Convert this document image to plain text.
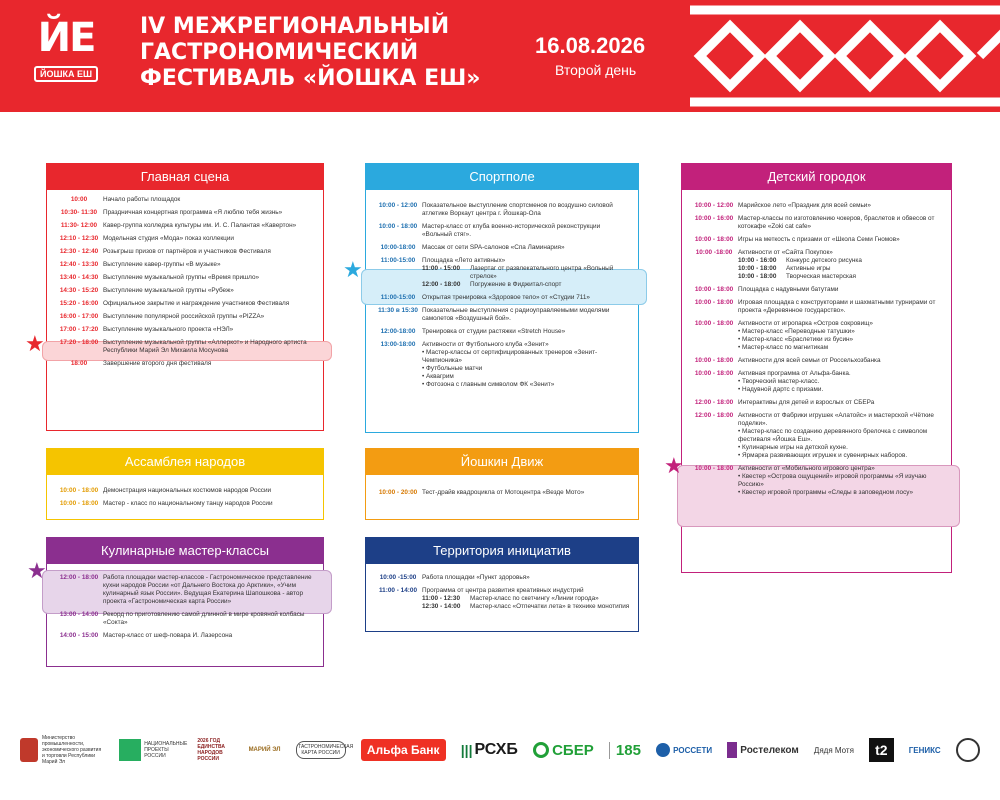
ЙЕ
ЙОШКА ЕШ
IV МЕЖРЕГИОНАЛЬНЫЙ
ГАСТРОНОМИЧЕСКИЙ
ФЕСТИВАЛЬ «ЙОШКА ЕШ»
16.08.2026
Второй день
Главная сцена
10:00	Начало работы площадок
10:30- 11:30 Праздничная концертная программа «Я люблю тебя жизнь»
11:30- 12:00 Кавер-группа колледжа культуры им. И. С. Палантая «Кавертон»
12:10 - 12:30 Модельная студия «Мода» показ коллекции
12:30 - 12:40 Розыгрыш призов от партнёров и участников Фестиваля
12:40 - 13:30 Выступление кавер-группы «В музыке»
13:40 - 14:30 Выступление музыкальной группы «Время пришло»
14:30 - 15:20 Выступление музыкальной группы «Рубеж»
15:20 - 16:00 Официальное закрытие и награждение участников Фестиваля
16:00 - 17:00 Выступление популярной российской группы «PIZZA»
17:00 - 17:20 Выступление музыкального проекта «НЭЛ»
17:20 - 18:00 Выступление музыкальной группы «Аллеркот» и Народного артиста Республики Марий Эл Михаила Мосунова
18:00	Завершение второго дня фестиваля
Ассамблея народов
10:00 - 18:00 Демонстрация национальных костюмов народов России
10:00 - 18:00 Мастер - класс по национальному танцу народов России
Кулинарные мастер-классы
12:00 - 18:00 Работа площадки мастер-классов - Гастрономическое представление кухни народов России «от Дальнего Востока до Арктики», «Учим кулинарный язык России». Ведущая Екатерина Шапошкова - автор проекта «Гастрономическая карта России»
13:00 - 14:00 Рекорд по приготовлению самой длинной в мире кровяной колбасы «Сокта»
14:00 - 15:00 Мастер-класс от шеф-повара И. Лазерсона
Спортполе
10:00 - 12:00 Показательное выступление спортсменов по воздушно силовой атлетике Воркаут центра г. Йошкар-Ола
10:00 - 18:00 Мастер-класс от клуба военно-исторической реконструкции «Вольный стяг».
10:00-18:00	Массаж от сети SPA-салонов «Спа Ламинария»
11:00-15:00	Площадка «Лето активных»
11:00 - 15:00	Лазертаг от развлекательного центра «Вольный стрелок»
12:00 - 18:00	Погружение в Фиджитал-спорт
11:00-15:00	Открытая тренировка «Здоровое тело» от «Студии 711»
11:30 в 15:30 Показательные выступления с радиоуправляемыми моделями самолетов «Воздушный бой».
12:00-18:00	Тренировка от студии растяжки «Stretch House»
13:00-18:00	Активности от Футбольного клуба «Зенит»
• Мастер-классы от сертифицированных тренеров «Зенит-Чемпионика»
• Футбольные матчи
• Аквагрим
• Фотозона с главным символом ФК «Зенит»
Йошкин Движ
10:00 - 20:00 Тест-драйв квадроцикла от Мотоцентра «Везде Мото»
Территория инициатив
10:00 -15:00 Работа площадки «Пункт здоровья»
11:00 - 14:00 Программа от центра развития креативных индустрий
11:00 - 12:30	Мастер-класс по скетчингу «Линии города»
12:30 - 14:00	Мастер-класс «Отпечатки лета» в технике монотипия
Детский городок
10:00 - 12:00 Марийское лето «Праздник для всей семьи»
10:00 - 16:00 Мастер-классы по изготовлению чокеров, браслетов и обвесов от котокафе «Zoki cat cafe»
10:00 - 18:00 Игры на меткость с призами от «Школа Семи Гномов»
10:00 -18:00 Активности от «Сайта Покупок»
10:00 - 16:00	Конкурс детского рисунка
10:00 - 18:00	Активные игры
10:00 - 18:00	Творческая мастерская
10:00 - 18:00 Площадка с надувными батутами
10:00 - 18:00 Игровая площадка с конструкторами и шахматными турнирами от проекта «Деревянное государство».
10:00 - 18:00 Активности от игропарка «Остров сокровищ»
• Мастер-класс «Переводные татушки»
• Мастер-класс «Браслетики из бусин»
• Мастер-класс по магнитикам
10:00 - 18:00 Активности для всей семьи от Россельхозбанка
10:00 - 18:00 Активная программа от Альфа-банка.
• Творческий мастер-класс.
• Надувной дартс с призами.
12:00 - 18:00 Интерактивы для детей и взрослых от СБЕРа
12:00 - 18:00 Активности от Фабрики игрушек «Алатойс» и мастерской «Чёткие поделки».
• Мастер-класс по созданию деревянного брелочка с символом фестиваля «Йошка Еш».
• Кулинарные игры на детской кухне.
• Ярмарка развивающих игрушек и сувенирных наборов.
10:00 - 18:00 Активности от «Мобильного игрового центра»
• Квестер «Острова ощущений» игровой программы «Я изучаю Россию»
• Квестер игровой программы «Следы в заповедном лосу»
★
★
★
★
Министерство промышленности, экономического развития и торговли Республики Марий Эл
НАЦИОНАЛЬНЫЕ ПРОЕКТЫ РОССИИ
2026 ГОД ЕДИНСТВА НАРОДОВ РОССИИ
МАРИЙ ЭЛ	ГАСТРОНОМИЧЕСКАЯ КАРТА РОССИИ	Альфа Банк	||| РСХБ СБЕР	185	РОССЕТИ	Ростелеком Дядя Мотя	t2	ГЕНИКС
